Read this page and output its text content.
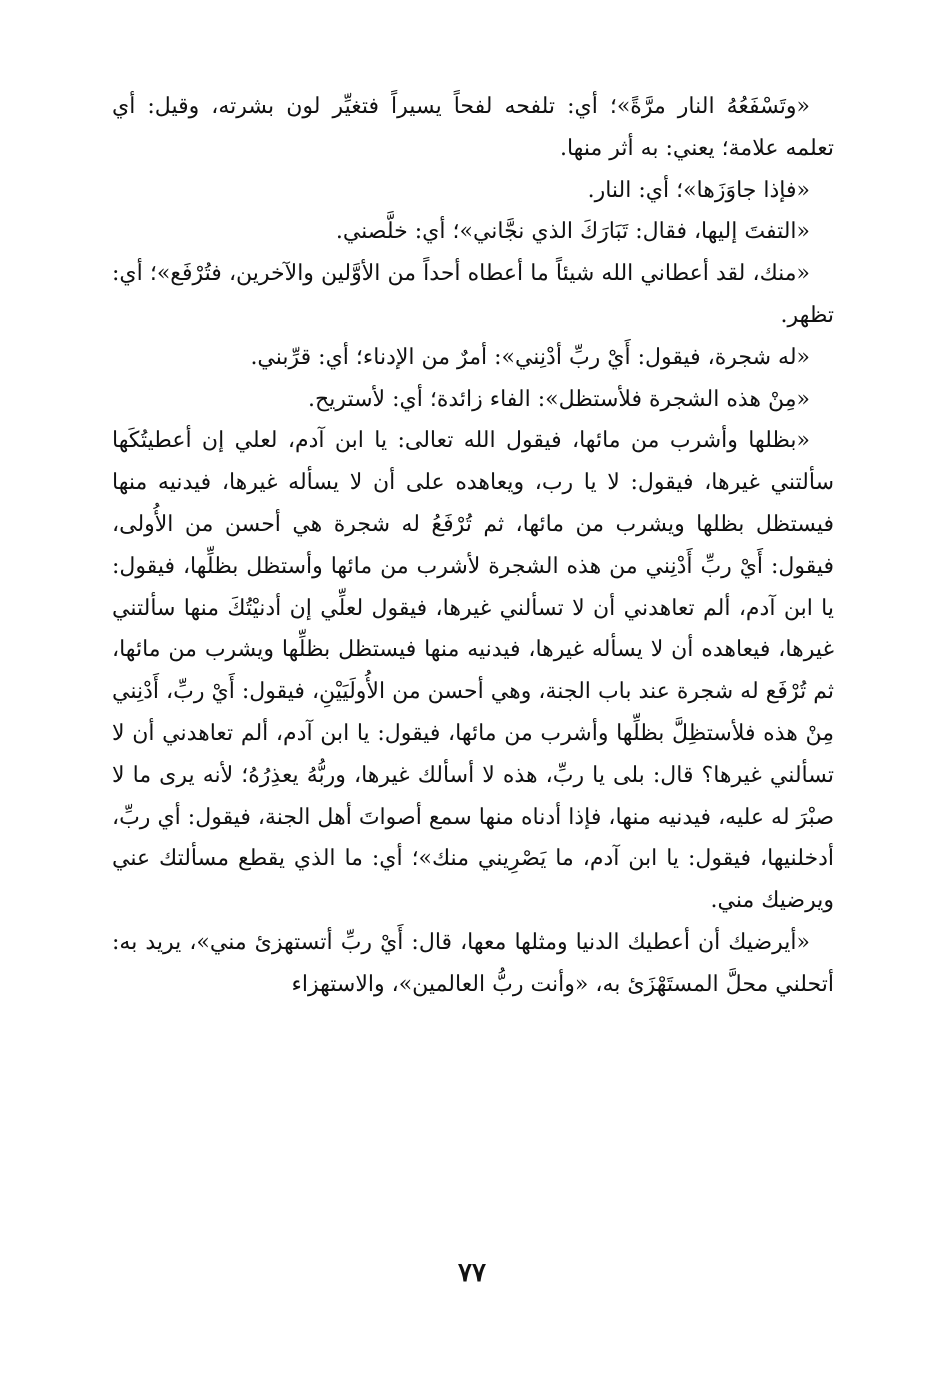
«وتَسْفَعُهُ النار مرَّةً»؛ أي: تلفحه لفحاً يسيراً فتغيِّر لون بشرته، وقيل: أي تعلمه علامة؛ يعني: به أثر منها.

«فإذا جاوَزَها»؛ أي: النار.

«التفتَ إليها، فقال: تَبَارَكَ الذي نجَّاني»؛ أي: خلَّصني.

«منك، لقد أعطاني الله شيئاً ما أعطاه أحداً من الأوَّلين والآخرين، فتُرْفَع»؛ أي: تظهر.

«له شجرة، فيقول: أَيْ ربِّ أدْنِني»: أمرٌ من الإدناء؛ أي: قرِّبني.

«مِنْ هذه الشجرة فلأستظل»: الفاء زائدة؛ أي: لأستريح.

«بظلها وأشرب من مائها، فيقول الله تعالى: يا ابن آدم، لعلي إن أعطيتُكَها سألتني غيرها، فيقول: لا يا رب، ويعاهده على أن لا يسأله غيرها، فيدنيه منها فيستظل بظلها ويشرب من مائها، ثم تُرْفَعُ له شجرة هي أحسن من الأُولى، فيقول: أَيْ ربِّ أَدْنِني من هذه الشجرة لأشرب من مائها وأستظل بظلِّها، فيقول: يا ابن آدم، ألم تعاهدني أن لا تسألني غيرها، فيقول لعلِّي إن أدنيْتُكَ منها سألتني غيرها، فيعاهده أن لا يسأله غيرها، فيدنيه منها فيستظل بظلِّها ويشرب من مائها، ثم تُرْفَع له شجرة عند باب الجنة، وهي أحسن من الأُولَيَيْنِ، فيقول: أَيْ ربِّ، أَدْنِني مِنْ هذه فلأستظِلَّ بظلِّها وأشرب من مائها، فيقول: يا ابن آدم، ألم تعاهدني أن لا تسألني غيرها؟ قال: بلى يا ربِّ، هذه لا أسألك غيرها، وربُّهُ يعذِرُهُ؛ لأنه يرى ما لا صبْرَ له عليه، فيدنيه منها، فإذا أدناه منها سمع أصواتَ أهل الجنة، فيقول: أي ربِّ، أدخلنيها، فيقول: يا ابن آدم، ما يَصْرِيني منك»؛ أي: ما الذي يقطع مسألتك عني ويرضيك مني.

«أيرضيك أن أعطيك الدنيا ومثلها معها، قال: أَيْ ربِّ أتستهزئ مني»، يريد به: أتحلني محلَّ المستَهْزَئ به، «وأنت ربُّ العالمين»، والاستهزاء

٧٧
